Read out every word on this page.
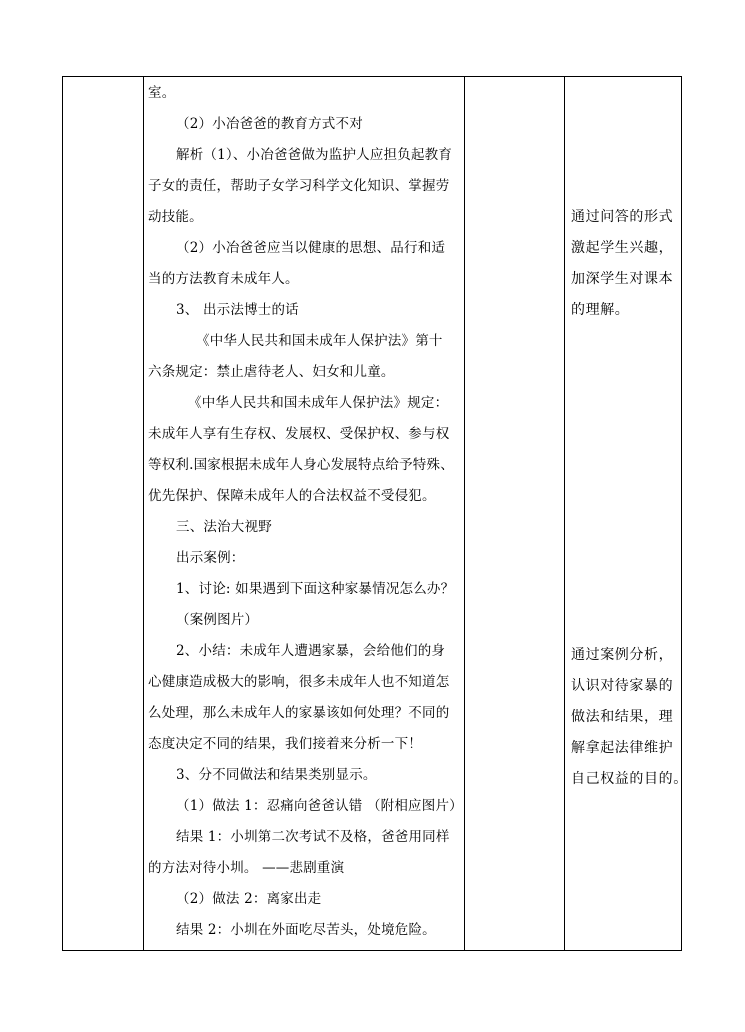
室。
（2）小冶爸爸的教育方式不对
解析（1）、小冶爸爸做为监护人应担负起教育
子女的责任，帮助子女学习科学文化知识、掌握劳
动技能。
（2）小冶爸爸应当以健康的思想、品行和适
当的方法教育未成年人。
3、 出示法博士的话
《中华人民共和国未成年人保护法》第十
六条规定：禁止虐待老人、妇女和儿童。
《中华人民共和国未成年人保护法》规定：
未成年人享有生存权、发展权、受保护权、参与权
等权利.国家根据未成年人身心发展特点给予特殊、
优先保护、保障未成年人的合法权益不受侵犯。
三、法治大视野
出示案例：
1、讨论: 如果遇到下面这种家暴情况怎么办？
（案例图片）
2、小结：未成年人遭遇家暴，会给他们的身
心健康造成极大的影响，很多未成年人也不知道怎
么处理，那么未成年人的家暴该如何处理？不同的
态度决定不同的结果，我们接着来分析一下！
3、分不同做法和结果类别显示。
（1）做法 1：忍痛向爸爸认错 （附相应图片）
结果 1：小圳第二次考试不及格，爸爸用同样
的方法对待小圳。 ——悲剧重演
（2）做法 2：离家出走
结果 2：小圳在外面吃尽苦头，处境危险。
通过问答的形式
激起学生兴趣，
加深学生对课本
的理解。
通过案例分析，
认识对待家暴的
做法和结果，理
解拿起法律维护
自己权益的目的。
